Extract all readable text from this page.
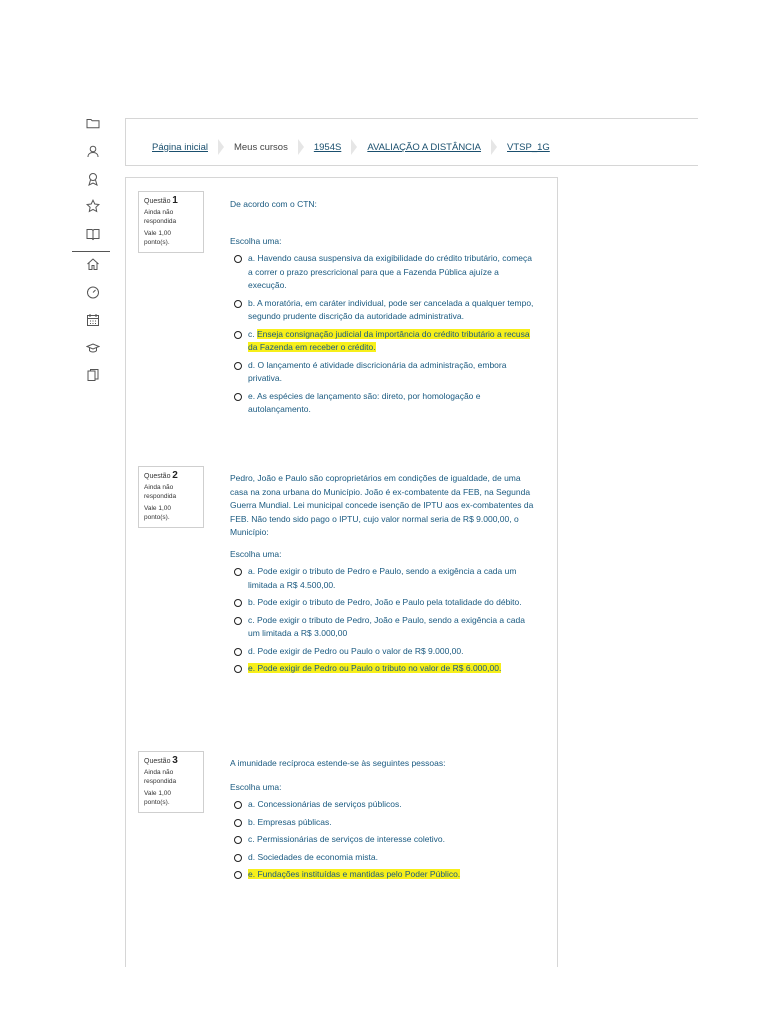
Página inicial	Meus cursos	1954S	AVALIAÇÃO A DISTÂNCIA	VTSP_1G
Questão 1
Ainda não respondida
Vale 1,00 ponto(s).

De acordo com o CTN:

Escolha uma:

a. Havendo causa suspensiva da exigibilidade do crédito tributário, começa a correr o prazo prescricional para que a Fazenda Pública ajuíze a execução.
b. A moratória, em caráter individual, pode ser cancelada a qualquer tempo, segundo prudente discrição da autoridade administrativa.
c. Enseja consignação judicial da importância do crédito tributário a recusa da Fazenda em receber o crédito.
d. O lançamento é atividade discricionária da administração, embora privativa.
e. As espécies de lançamento são: direto, por homologação e autolançamento.
Questão 2
Ainda não respondida
Vale 1,00 ponto(s).

Pedro, João e Paulo são coproprietários em condições de igualdade, de uma casa na zona urbana do Município. João é ex-combatente da FEB, na Segunda Guerra Mundial. Lei municipal concede isenção de IPTU aos ex-combatentes da FEB. Não tendo sido pago o IPTU, cujo valor normal seria de R$ 9.000,00, o Município:

Escolha uma:

a. Pode exigir o tributo de Pedro e Paulo, sendo a exigência a cada um limitada a R$ 4.500,00.
b. Pode exigir o tributo de Pedro, João e Paulo pela totalidade do débito.
c. Pode exigir o tributo de Pedro, João e Paulo, sendo a exigência a cada um limitada a R$ 3.000,00
d. Pode exigir de Pedro ou Paulo o valor de R$ 9.000,00.
e. Pode exigir de Pedro ou Paulo o tributo no valor de R$ 6.000,00.
Questão 3
Ainda não respondida
Vale 1,00 ponto(s).

A imunidade recíproca estende-se às seguintes pessoas:

Escolha uma:

a. Concessionárias de serviços públicos.
b. Empresas públicas.
c. Permissionárias de serviços de interesse coletivo.
d. Sociedades de economia mista.
e. Fundações instituídas e mantidas pelo Poder Público.
